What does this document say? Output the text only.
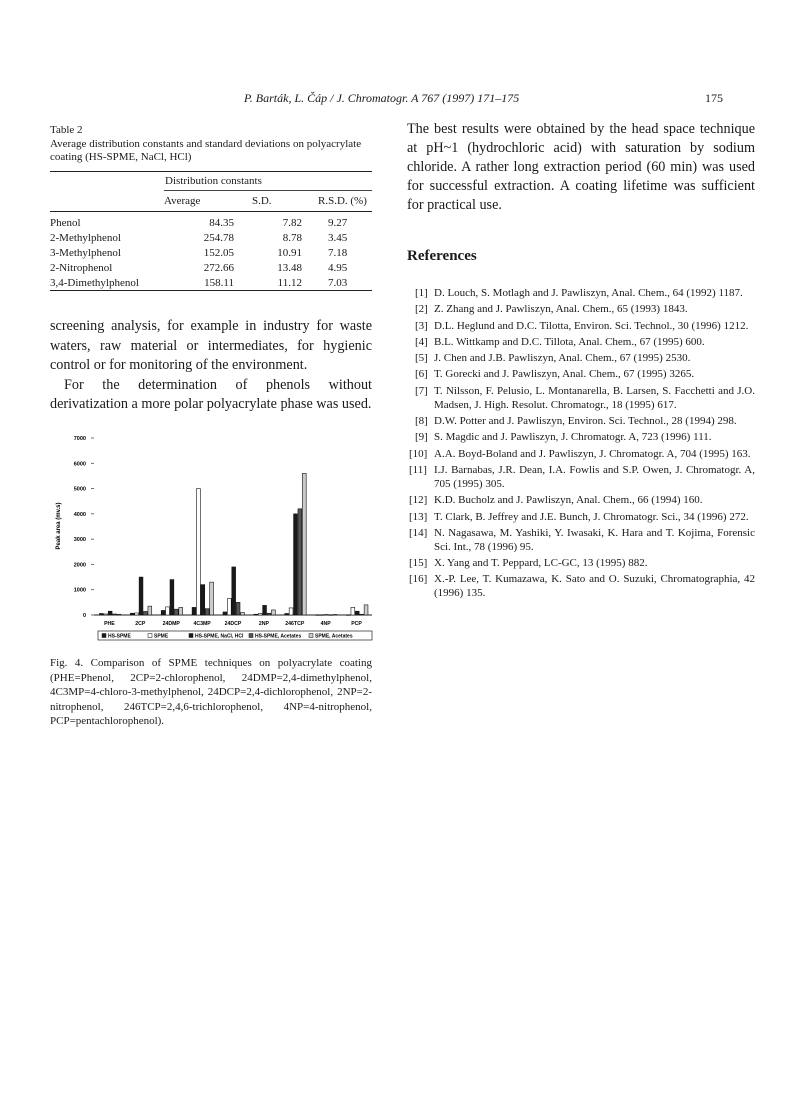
P. Barták, L. Čáp / J. Chromatogr. A 767 (1997) 171–175	175
Table 2
Average distribution constants and standard deviations on polyacrylate coating (HS-SPME, NaCl, HCl)
	Distribution constants		
	Average	S.D.	R.S.D. (%)
Phenol	84.35	7.82	9.27
2-Methylphenol	254.78	8.78	3.45
3-Methylphenol	152.05	10.91	7.18
2-Nitrophenol	272.66	13.48	4.95
3,4-Dimethylphenol	158.11	11.12	7.03

screening analysis, for example in industry for waste waters, raw material or intermediates, for hygienic control or for monitoring of the environment.

For the determination of phenols without derivatization a more polar polyacrylate phase was used.

Peak area (mv.s)
0
1000
2000
3000
4000
5000
6000
7000
PHE	2CP	24DMP	4C3MP	24DCP	2NP	246TCP	4NP	PCP
HS-SPME	SPME	HS-SPME, NaCl, HCl HS-SPME, Acetates	SPME, Acetates
Fig. 4. Comparison of SPME techniques on polyacrylate coating (PHE=Phenol, 2CP=2-chlorophenol, 24DMP=2,4-dimethylphenol, 4C3MP=4-chloro-3-methylphenol, 24DCP=2,4-dichlorophenol, 2NP=2-nitrophenol, 246TCP=2,4,6-trichlorophenol, 4NP=4-nitrophenol, PCP=pentachlorophenol).

The best results were obtained by the head space technique at pH~1 (hydrochloric acid) with saturation by sodium chloride. A rather long extraction period (60 min) was used for successful extraction. A coating lifetime was sufficient for practical use.

References
[1] D. Louch, S. Motlagh and J. Pawliszyn, Anal. Chem., 64 (1992) 1187.
[2] Z. Zhang and J. Pawliszyn, Anal. Chem., 65 (1993) 1843.
[3] D.L. Heglund and D.C. Tilotta, Environ. Sci. Technol., 30 (1996) 1212.
[4] B.L. Wittkamp and D.C. Tillota, Anal. Chem., 67 (1995) 600.
[5] J. Chen and J.B. Pawliszyn, Anal. Chem., 67 (1995) 2530.
[6] T. Gorecki and J. Pawliszyn, Anal. Chem., 67 (1995) 3265.
[7] T. Nilsson, F. Pelusio, L. Montanarella, B. Larsen, S. Facchetti and J.O. Madsen, J. High. Resolut. Chromatogr., 18 (1995) 617.
[8] D.W. Potter and J. Pawliszyn, Environ. Sci. Technol., 28 (1994) 298.
[9] S. Magdic and J. Pawliszyn, J. Chromatogr. A, 723 (1996) 111.
[10] A.A. Boyd-Boland and J. Pawliszyn, J. Chromatogr. A, 704 (1995) 163.
[11] I.J. Barnabas, J.R. Dean, I.A. Fowlis and S.P. Owen, J. Chromatogr. A, 705 (1995) 305.
[12] K.D. Bucholz and J. Pawliszyn, Anal. Chem., 66 (1994) 160.
[13] T. Clark, B. Jeffrey and J.E. Bunch, J. Chromatogr. Sci., 34 (1996) 272.
[14] N. Nagasawa, M. Yashiki, Y. Iwasaki, K. Hara and T. Kojima, Forensic Sci. Int., 78 (1996) 95.
[15] X. Yang and T. Peppard, LC-GC, 13 (1995) 882.
[16] X.-P. Lee, T. Kumazawa, K. Sato and O. Suzuki, Chromatographia, 42 (1996) 135.
